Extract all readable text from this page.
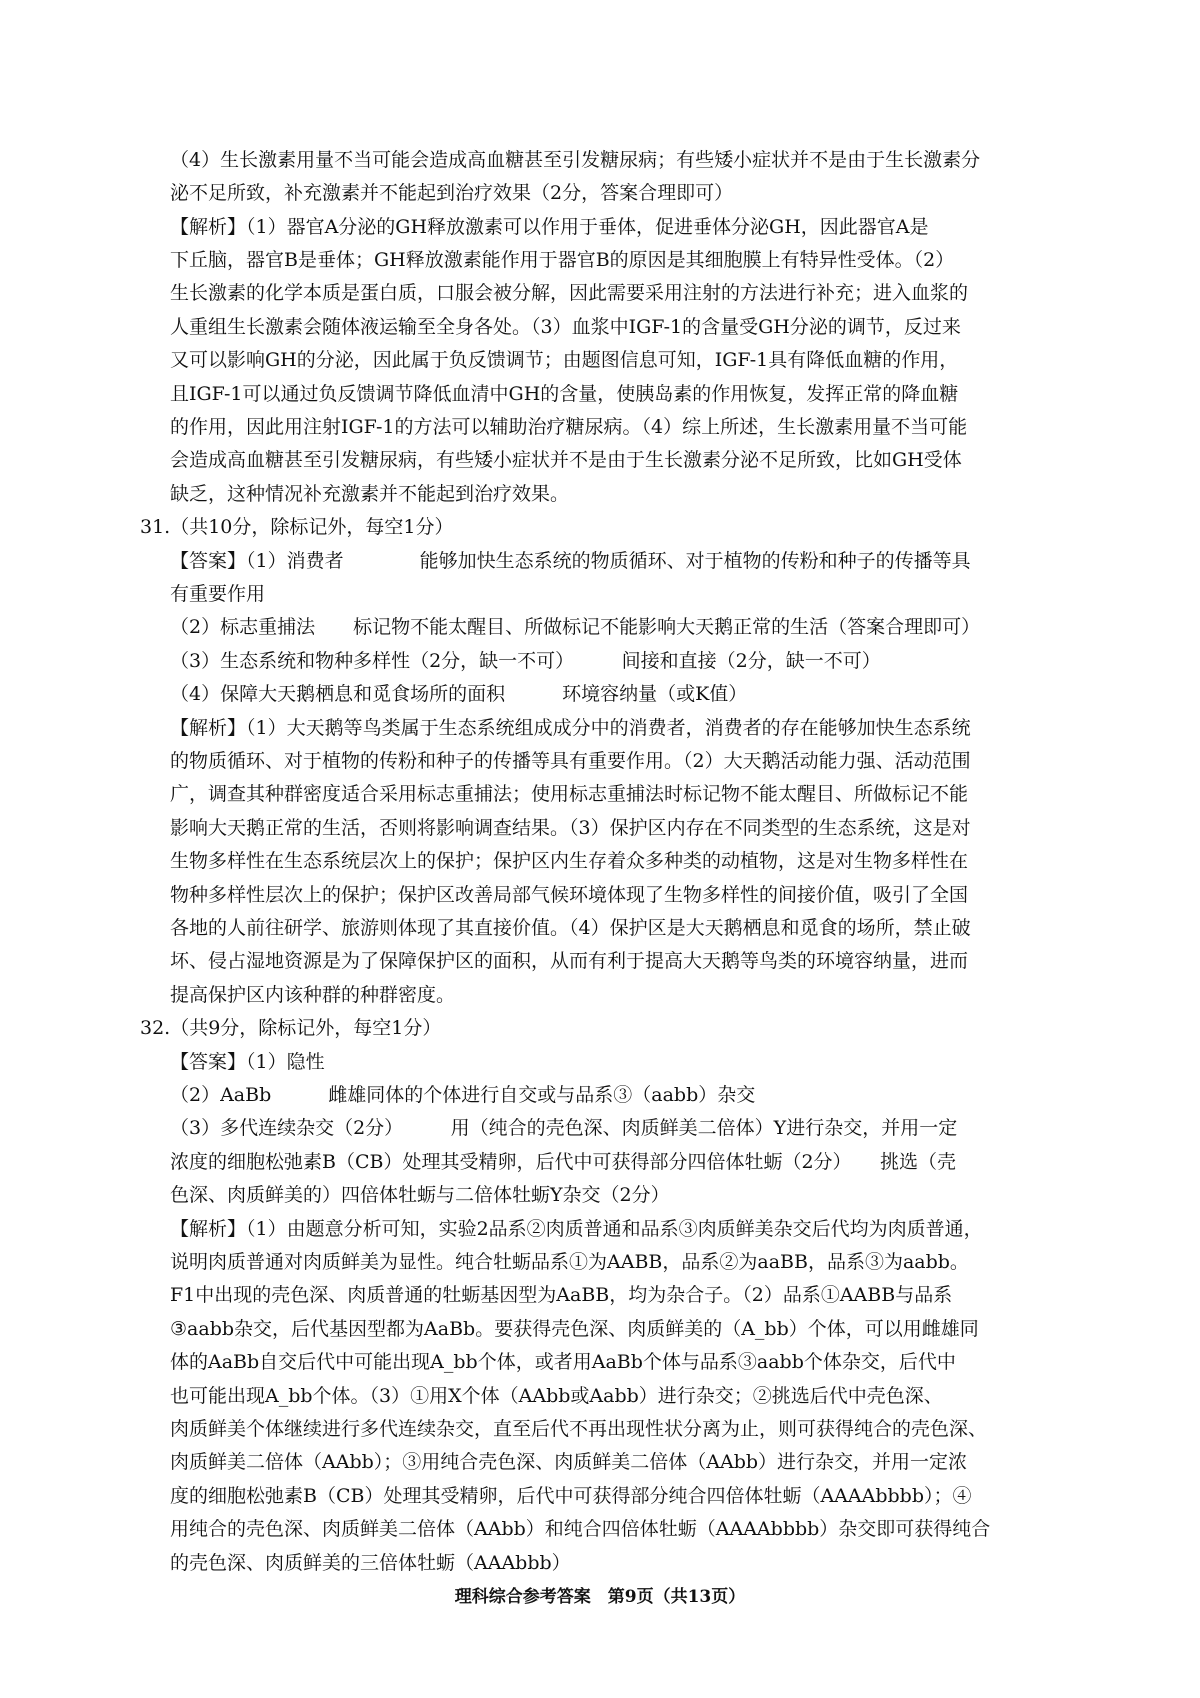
（4）生长激素用量不当可能会造成高血糖甚至引发糖尿病；有些矮小症状并不是由于生长激素分
泌不足所致，补充激素并不能起到治疗效果（2分，答案合理即可）
【解析】（1）器官A分泌的GH释放激素可以作用于垂体，促进垂体分泌GH，因此器官A是
下丘脑，器官B是垂体；GH释放激素能作用于器官B的原因是其细胞膜上有特异性受体。（2）
生长激素的化学本质是蛋白质，口服会被分解，因此需要采用注射的方法进行补充；进入血浆的
人重组生长激素会随体液运输至全身各处。（3）血浆中IGF-1的含量受GH分泌的调节，反过来
又可以影响GH的分泌，因此属于负反馈调节；由题图信息可知，IGF-1具有降低血糖的作用，
且IGF-1可以通过负反馈调节降低血清中GH的含量，使胰岛素的作用恢复，发挥正常的降血糖
的作用，因此用注射IGF-1的方法可以辅助治疗糖尿病。（4）综上所述，生长激素用量不当可能
会造成高血糖甚至引发糖尿病，有些矮小症状并不是由于生长激素分泌不足所致，比如GH受体
缺乏，这种情况补充激素并不能起到治疗效果。
31.（共10分，除标记外，每空1分）
【答案】（1）消费者　　　　能够加快生态系统的物质循环、对于植物的传粉和种子的传播等具
有重要作用
（2）标志重捕法　　标记物不能太醒目、所做标记不能影响大天鹅正常的生活（答案合理即可）
（3）生态系统和物种多样性（2分，缺一不可）　　　间接和直接（2分，缺一不可）
（4）保障大天鹅栖息和觅食场所的面积　　　环境容纳量（或K值）
【解析】（1）大天鹅等鸟类属于生态系统组成成分中的消费者，消费者的存在能够加快生态系统
的物质循环、对于植物的传粉和种子的传播等具有重要作用。（2）大天鹅活动能力强、活动范围
广，调查其种群密度适合采用标志重捕法；使用标志重捕法时标记物不能太醒目、所做标记不能
影响大天鹅正常的生活，否则将影响调查结果。（3）保护区内存在不同类型的生态系统，这是对
生物多样性在生态系统层次上的保护；保护区内生存着众多种类的动植物，这是对生物多样性在
物种多样性层次上的保护；保护区改善局部气候环境体现了生物多样性的间接价值，吸引了全国
各地的人前往研学、旅游则体现了其直接价值。（4）保护区是大天鹅栖息和觅食的场所，禁止破
坏、侵占湿地资源是为了保障保护区的面积，从而有利于提高大天鹅等鸟类的环境容纳量，进而
提高保护区内该种群的种群密度。
32.（共9分，除标记外，每空1分）
【答案】（1）隐性
（2）AaBb　　　雌雄同体的个体进行自交或与品系③（aabb）杂交
（3）多代连续杂交（2分）　　　用（纯合的壳色深、肉质鲜美二倍体）Y进行杂交，并用一定
浓度的细胞松弛素B（CB）处理其受精卵，后代中可获得部分四倍体牡蛎（2分）　　挑选（壳
色深、肉质鲜美的）四倍体牡蛎与二倍体牡蛎Y杂交（2分）
【解析】（1）由题意分析可知，实验2品系②肉质普通和品系③肉质鲜美杂交后代均为肉质普通，
说明肉质普通对肉质鲜美为显性。纯合牡蛎品系①为AABB，品系②为aaBB，品系③为aabb。
F1中出现的壳色深、肉质普通的牡蛎基因型为AaBB，均为杂合子。（2）品系①AABB与品系
③aabb杂交，后代基因型都为AaBb。要获得壳色深、肉质鲜美的（A_bb）个体，可以用雌雄同
体的AaBb自交后代中可能出现A_bb个体，或者用AaBb个体与品系③aabb个体杂交，后代中
也可能出现A_bb个体。（3）①用X个体（AAbb或Aabb）进行杂交；②挑选后代中壳色深、
肉质鲜美个体继续进行多代连续杂交，直至后代不再出现性状分离为止，则可获得纯合的壳色深、
肉质鲜美二倍体（AAbb）；③用纯合壳色深、肉质鲜美二倍体（AAbb）进行杂交，并用一定浓
度的细胞松弛素B（CB）处理其受精卵，后代中可获得部分纯合四倍体牡蛎（AAAAbbbb）；④
用纯合的壳色深、肉质鲜美二倍体（AAbb）和纯合四倍体牡蛎（AAAAbbbb）杂交即可获得纯合
的壳色深、肉质鲜美的三倍体牡蛎（AAAbbb）
理科综合参考答案　第9页（共13页）
